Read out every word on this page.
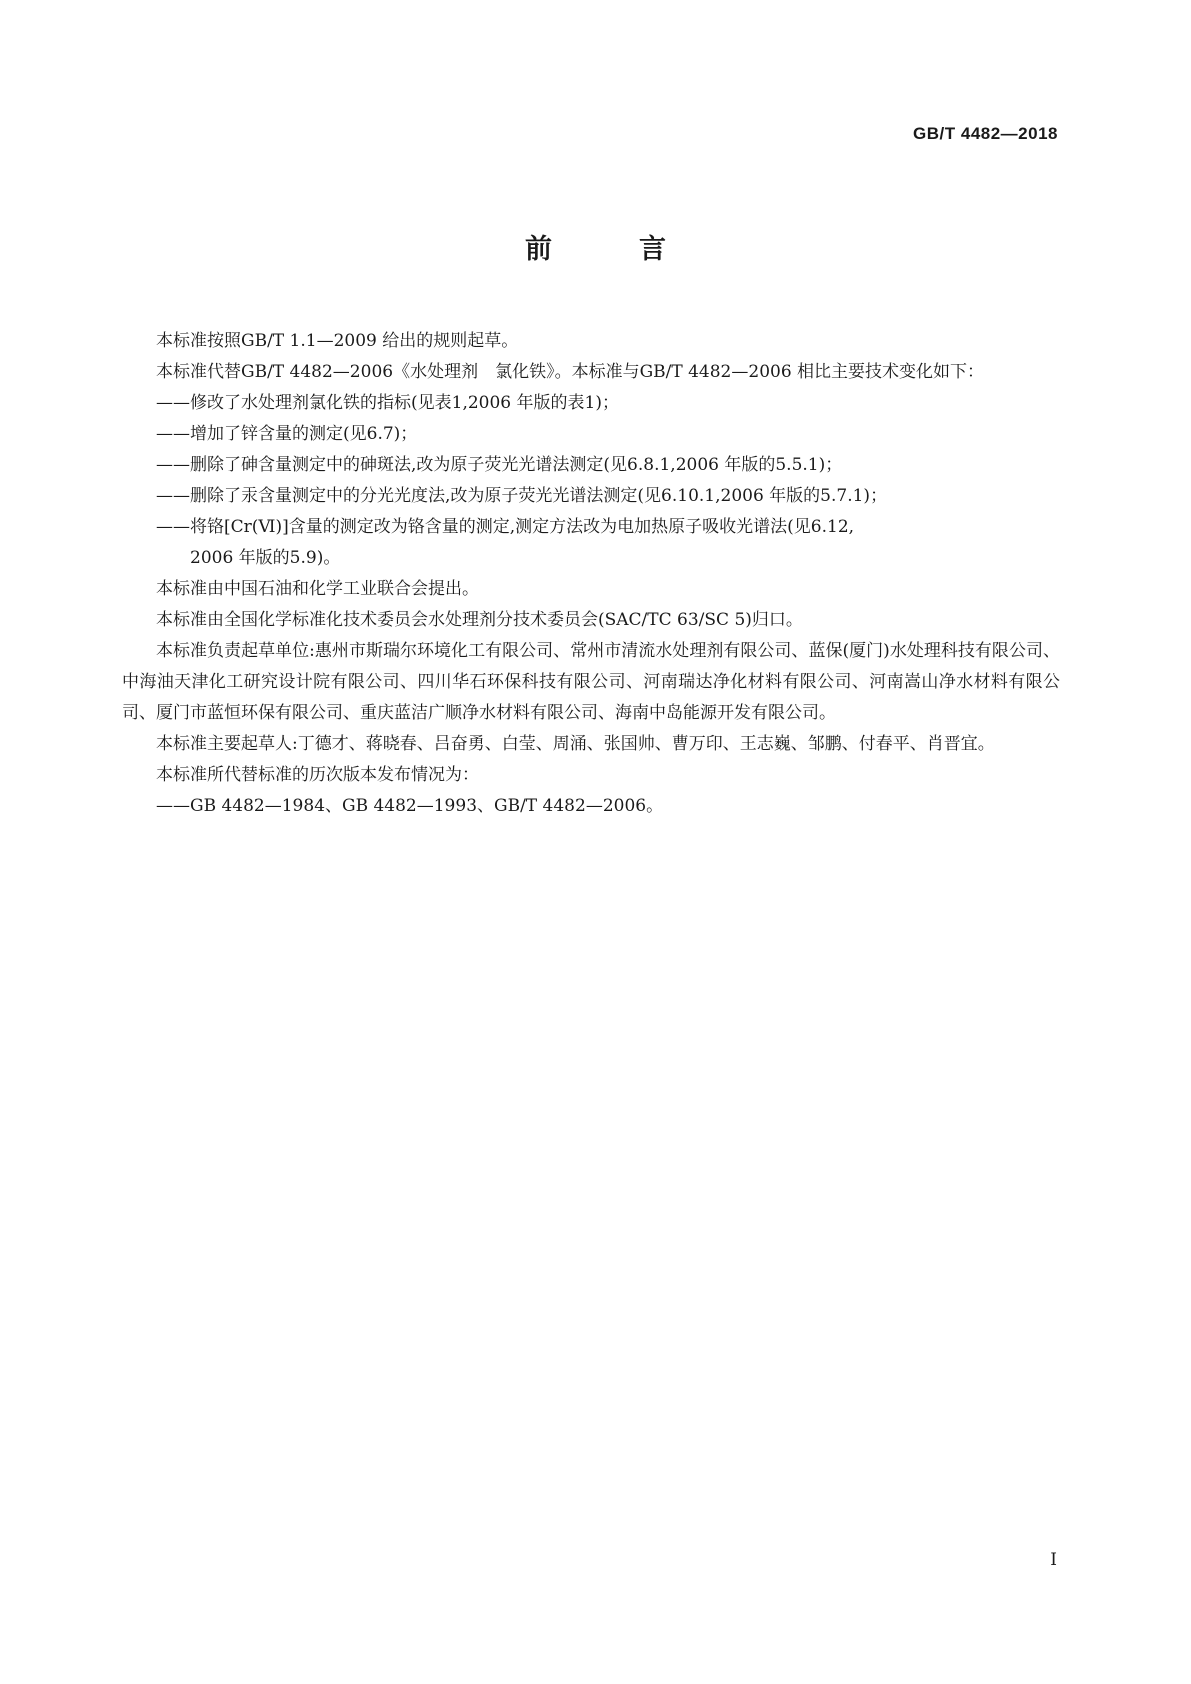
GB/T 4482—2018
前　言

本标准按照GB/T 1.1—2009 给出的规则起草。

本标准代替GB/T 4482—2006《水处理剂　氯化铁》。本标准与GB/T 4482—2006 相比主要技术变化如下：

——修改了水处理剂氯化铁的指标(见表1,2006 年版的表1)；

——增加了锌含量的测定(见6.7)；

——删除了砷含量测定中的砷斑法,改为原子荧光光谱法测定(见6.8.1,2006 年版的5.5.1)；

——删除了汞含量测定中的分光光度法,改为原子荧光光谱法测定(见6.10.1,2006 年版的5.7.1)；

——将铬[Cr(Ⅵ)]含量的测定改为铬含量的测定,测定方法改为电加热原子吸收光谱法(见6.12,

2006 年版的5.9)。

本标准由中国石油和化学工业联合会提出。

本标准由全国化学标准化技术委员会水处理剂分技术委员会(SAC/TC 63/SC 5)归口。

本标准负责起草单位:惠州市斯瑞尔环境化工有限公司、常州市清流水处理剂有限公司、蓝保(厦门)水处理科技有限公司、中海油天津化工研究设计院有限公司、四川华石环保科技有限公司、河南瑞达净化材料有限公司、河南嵩山净水材料有限公司、厦门市蓝恒环保有限公司、重庆蓝洁广顺净水材料有限公司、海南中岛能源开发有限公司。

本标准主要起草人:丁德才、蒋晓春、吕奋勇、白莹、周涌、张国帅、曹万印、王志巍、邹鹏、付春平、肖晋宜。

本标准所代替标准的历次版本发布情况为：

——GB 4482—1984、GB 4482—1993、GB/T 4482—2006。

Ⅰ
